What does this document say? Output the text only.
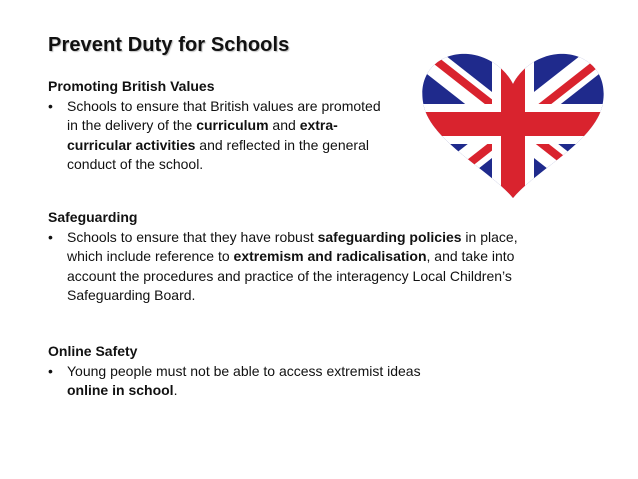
Prevent Duty for Schools
Promoting British Values
• Schools to ensure that British values are promoted in the delivery of the curriculum and extra-curricular activities and reflected in the general conduct of the school.
Safeguarding
• Schools to ensure that they have robust safeguarding policies in place, which include reference to extremism and radicalisation, and take into account the procedures and practice of the interagency Local Children’s Safeguarding Board.
Online Safety
• Young people must not be able to access extremist ideas online in school.
